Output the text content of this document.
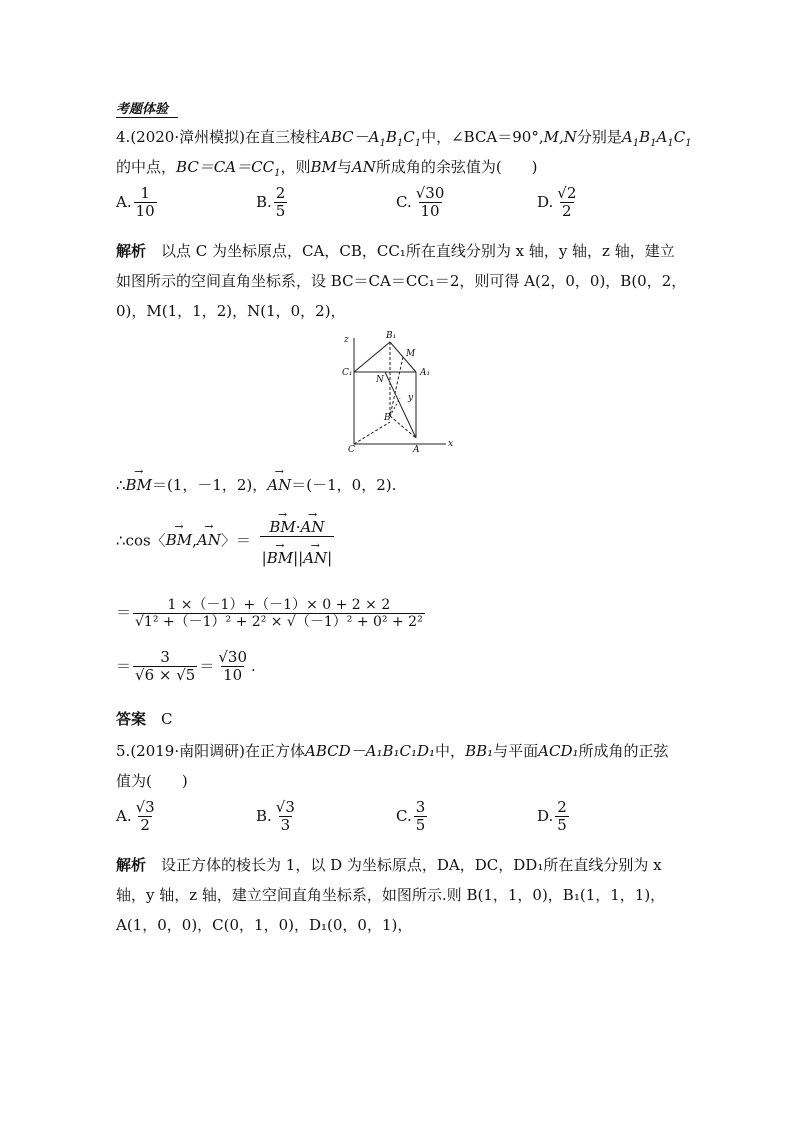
考题体验
4.(2020·漳州模拟)在直三棱柱$ABC-A_1B_1C_1$中，∠BCA＝90°,M,N分别是$A_1B_1A_1C_1$
的中点，$BC=CA=CC_1$，则BM与AN所成角的余弦值为(　　)
A. $\frac{1}{10}$	B. $\frac{2}{5}$	C. $\frac{√30}{10}$	D. $\frac{√2}{2}$
解析　 以点 C 为坐标原点，CA，CB，CC₁所在直线分别为 x 轴，y 轴，z 轴，建立
如图所示的空间直角坐标系，设 BC＝CA＝CC₁＝2，则可得 A(2，0，0)，B(0，2，
0)，M(1，1，2)，N(1，0，2)，
z	B₁
M
C₁
N
A₁
y
B
C	A
x
∴→ BM＝(1，－1，2)，→ AN＝(－1，0，2).
∴cos〈→ BM,→ AN〉＝
→ $\frac{BM\cdot\to AN}{|\to BM||\to AN|}$
＝ $\frac{1 \times(-1)+(-1)\times 0 + 2 \times 2}{\text{√1² +（－1）² + 2² × √（－1）² + 0² + 2²}}$
＝ $\frac{3}{√6 \times √5} = \frac{√30}{10}$ .
答案　 C
5.(2019·南阳调研)在正方体ABCD－A₁B₁C₁D₁中，BB₁与平面ACD₁所成角的正弦
值为(　　)
A. $\frac{√3}{2}$	B. $\frac{√3}{3}$	C. $\frac{3}{5}$	D. $\frac{2}{5}$
解析　 设正方体的棱长为 1，以 D 为坐标原点，DA，DC，DD₁所在直线分别为 x
轴，y 轴，z 轴，建立空间直角坐标系，如图所示.则 B(1，1，0)，B₁(1，1，1)，
A(1，0，0)，C(0，1，0)，D₁(0，0，1)，
